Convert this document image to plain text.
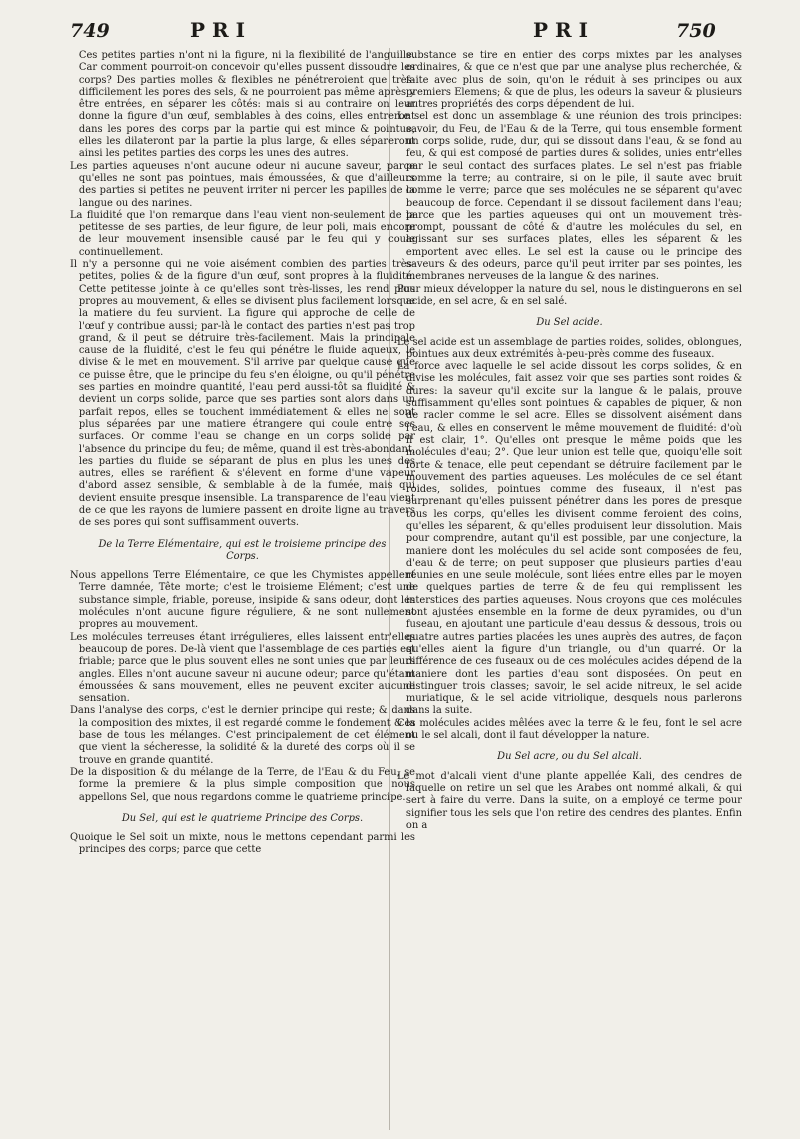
749	P R I	P R I	750

Ces petites parties n'ont ni la figure, ni la flexibilité de l'anguille. Car comment pourroit-on concevoir qu'elles pussent dissoudre les corps? Des parties molles & flexibles ne pénétreroient que très-difficilement les pores des sels, & ne pourroient pas même après y être entrées, en séparer les côtés: mais si au contraire on leur donne la figure d'un œuf, semblables à des coins, elles entreront dans les pores des corps par la partie qui est mince & pointue, elles les dilateront par la partie la plus large, & elles sépareront ainsi les petites parties des corps les unes des autres.

Les parties aqueuses n'ont aucune odeur ni aucune saveur, parce qu'elles ne sont pas pointues, mais émoussées, & que d'ailleurs des parties si petites ne peuvent irriter ni percer les papilles de la langue ou des narines.

La fluidité que l'on remarque dans l'eau vient non-seulement de la petitesse de ses parties, de leur figure, de leur poli, mais encore de leur mouvement insensible causé par le feu qui y coule continuellement.

Il n'y a personne qui ne voie aisément combien des parties très-petites, polies & de la figure d'un œuf, sont propres à la fluidité. Cette petitesse jointe à ce qu'elles sont très-lisses, les rend plus propres au mouvement, & elles se divisent plus facilement lorsque la matiere du feu survient. La figure qui approche de celle de l'œuf y contribue aussi; par-là le contact des parties n'est pas trop grand, & il peut se détruire très-facilement. Mais la principale cause de la fluidité, c'est le feu qui pénétre le fluide aqueux, le divise & le met en mouvement. S'il arrive par quelque cause que ce puisse être, que le principe du feu s'en éloigne, ou qu'il pénétre ses parties en moindre quantité, l'eau perd aussi-tôt sa fluidité & devient un corps solide, parce que ses parties sont alors dans un parfait repos, elles se touchent immédiatement & elles ne sont plus séparées par une matiere étrangere qui coule entre ses surfaces. Or comme l'eau se change en un corps solide par l'absence du principe du feu; de même, quand il est très-abondant, les parties du fluide se séparant de plus en plus les unes des autres, elles se raréfient & s'élevent en forme d'une vapeur d'abord assez sensible, & semblable à de la fumée, mais qui devient ensuite presque insensible. La transparence de l'eau vient de ce que les rayons de lumiere passent en droite ligne au travers de ses pores qui sont suffisamment ouverts.

De la Terre Elémentaire, qui est le troisieme principe des Corps.

Nous appellons Terre Elémentaire, ce que les Chymistes appellent Terre damnée, Tête morte; c'est le troisieme Elément; c'est une substance simple, friable, poreuse, insipide & sans odeur, dont les molécules n'ont aucune figure réguliere, & ne sont nullement propres au mouvement.

Les molécules terreuses étant irrégulieres, elles laissent entr'elles beaucoup de pores. De-là vient que l'assemblage de ces parties est friable; parce que le plus souvent elles ne sont unies que par leurs angles. Elles n'ont aucune saveur ni aucune odeur; parce qu'étant émoussées & sans mouvement, elles ne peuvent exciter aucune sensation.

Dans l'analyse des corps, c'est le dernier principe qui reste; & dans la composition des mixtes, il est regardé comme le fondement & la base de tous les mélanges. C'est principalement de cet élément que vient la sécheresse, la solidité & la dureté des corps où il se trouve en grande quantité.

De la disposition & du mélange de la Terre, de l'Eau & du Feu, se forme la premiere & la plus simple composition que nous appellons Sel, que nous regardons comme le quatrieme principe.

Du Sel, qui est le quatrieme Principe des Corps.

Quoique le Sel soit un mixte, nous le mettons cependant parmi les principes des corps; parce que cette

substance se tire en entier des corps mixtes par les analyses ordinaires, & que ce n'est que par une analyse plus recherchée, & faite avec plus de soin, qu'on le réduit à ses principes ou aux premiers Elemens; & que de plus, les odeurs la saveur & plusieurs autres propriétés des corps dépendent de lui.

Le sel est donc un assemblage & une réunion des trois principes: savoir, du Feu, de l'Eau & de la Terre, qui tous ensemble forment un corps solide, rude, dur, qui se dissout dans l'eau, & se fond au feu, & qui est composé de parties dures & solides, unies entr'elles par le seul contact des surfaces plates. Le sel n'est pas friable comme la terre; au contraire, si on le pile, il saute avec bruit comme le verre; parce que ses molécules ne se séparent qu'avec beaucoup de force. Cependant il se dissout facilement dans l'eau; parce que les parties aqueuses qui ont un mouvement très-prompt, poussant de côté & d'autre les molécules du sel, en agissant sur ses surfaces plates, elles les séparent & les emportent avec elles. Le sel est la cause ou le principe des saveurs & des odeurs, parce qu'il peut irriter par ses pointes, les membranes nerveuses de la langue & des narines.

Pour mieux développer la nature du sel, nous le distinguerons en sel acide, en sel acre, & en sel salé.

Du Sel acide.

Le sel acide est un assemblage de parties roides, solides, oblongues, pointues aux deux extrémités à-peu-près comme des fuseaux.

La force avec laquelle le sel acide dissout les corps solides, & en divise les molécules, fait assez voir que ses parties sont roides & dures: la saveur qu'il excite sur la langue & le palais, prouve suffisamment qu'elles sont pointues & capables de piquer, & non de racler comme le sel acre. Elles se dissolvent aisément dans l'eau, & elles en conservent le même mouvement de fluidité: d'où il est clair, 1°. Qu'elles ont presque le même poids que les molécules d'eau; 2°. Que leur union est telle que, quoiqu'elle soit forte & tenace, elle peut cependant se détruire facilement par le mouvement des parties aqueuses. Les molécules de ce sel étant roides, solides, pointues comme des fuseaux, il n'est pas surprenant qu'elles puissent pénétrer dans les pores de presque tous les corps, qu'elles les divisent comme feroient des coins, qu'elles les séparent, & qu'elles produisent leur dissolution. Mais pour comprendre, autant qu'il est possible, par une conjecture, la maniere dont les molécules du sel acide sont composées de feu, d'eau & de terre; on peut supposer que plusieurs parties d'eau réunies en une seule molécule, sont liées entre elles par le moyen de quelques parties de terre & de feu qui remplissent les interstices des parties aqueuses. Nous croyons que ces molécules sont ajustées ensemble en la forme de deux pyramides, ou d'un fuseau, en ajoutant une particule d'eau dessus & dessous, trois ou quatre autres parties placées les unes auprès des autres, de façon qu'elles aient la figure d'un triangle, ou d'un quarré. Or la différence de ces fuseaux ou de ces molécules acides dépend de la maniere dont les parties d'eau sont disposées. On peut en distinguer trois classes; savoir, le sel acide nitreux, le sel acide muriatique, & le sel acide vitriolique, desquels nous parlerons dans la suite.

Ces molécules acides mêlées avec la terre & le feu, font le sel acre ou le sel alcali, dont il faut développer la nature.

Du Sel acre, ou du Sel alcali.

Le mot d'alcali vient d'une plante appellée Kali, des cendres de laquelle on retire un sel que les Arabes ont nommé alkali, & qui sert à faire du verre. Dans la suite, on a employé ce terme pour signifier tous les sels que l'on retire des cendres des plantes. Enfin on a
